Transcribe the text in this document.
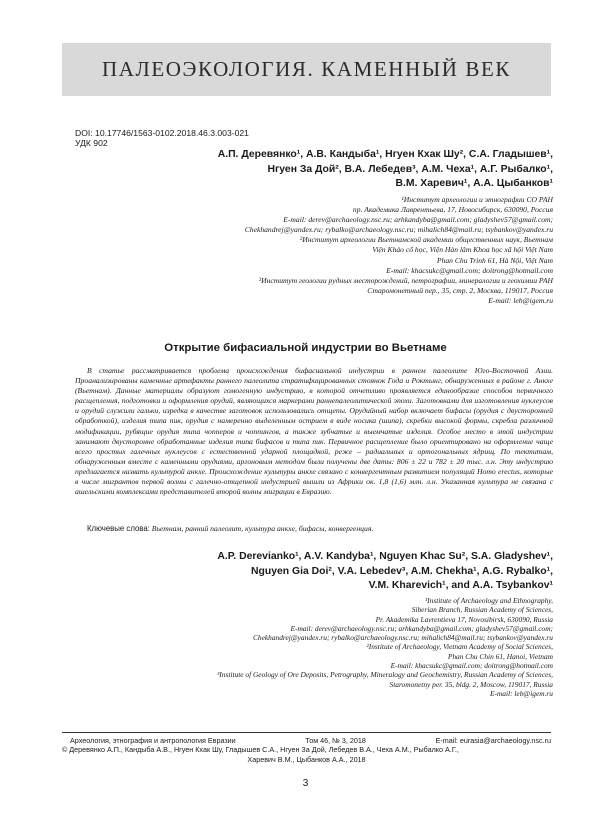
ПАЛЕОЭКОЛОГИЯ. КАМЕННЫЙ ВЕК
DOI: 10.17746/1563-0102.2018.46.3.003-021
УДК 902
А.П. Деревянко¹, А.В. Кандыба¹, Нгуен Кхак Шу², С.А. Гладышев¹,
Нгуен За Дой², В.А. Лебедев³, А.М. Чеха¹, А.Г. Рыбалко¹,
В.М. Харевич¹, А.А. Цыбанков¹
¹Институт археологии и этнографии СО РАН
пр. Академика Лаврентьева, 17, Новосибирск, 630090, Россия
E-mail: derev@archaeology.nsc.ru; arhkandyba@gmail.com; gladyshev57@gmail.com;
Chekhandrej@yandex.ru; rybalko@archaeology.nsc.ru; mihalich84@mail.ru; tsybankov@yandex.ru
²Институт археологии Вьетнамской академии общественных наук, Вьетнам
Viện Khảo cổ học, Viện Hàn lâm Khoa học xã hội Việt Nam
Phan Chu Trinh 61, Hà Nội, Việt Nam
E-mail: khacsukc@gmail.com; doitrong@hotmail.com
³Институт геологии рудных месторождений, петрографии, минералогии и геохимии РАН
Старомонетный пер., 35, стр. 2, Москва, 119017, Россия
E-mail: leb@igem.ru
Открытие бифасиальной индустрии во Вьетнаме

В статье рассматривается проблема происхождения бифасиальной индустрии в раннем палеолите Юго-Восточной Азии. Проанализированы каменные артефакты раннего палеолита стратифицированных стоянок Года и Роктынг, обнаруженных в районе г. Анкхе (Вьетнам). Данные материалы образуют гомогенную индустрию, в которой отчетливо проявляется единообразие способов первичного расщепления, подготовки и оформления орудий, являющихся маркерами раннепалеолитической эпохи. Заготовками для изготовления нуклеусов и орудий служили гальки, изредка в качестве заготовок использовались отщепы. Орудийный набор включает бифасы (орудия с двусторонней обработкой), изделия типа пик, орудия с намеренно выделенным острием в виде носика (шипа), скребки высокой формы, скребла различной модификации, рубящие орудия типа чопперов и чоппингов, а также зубчатые и выемчатые изделия. Особое место в этой индустрии занимают двусторонне обработанные изделия типа бифасов и типа пик. Первичное расщепление было ориентировано на оформление чаще всего простых галечных нуклеусов с естественной ударной площадкой, реже – радиальных и ортогональных ядрищ. По тектитам, обнаруженным вместе с каменными орудиями, аргоновым методом были получены две даты: 806 ± 22 и 782 ± 20 тыс. л.н. Эту индустрию предлагается назвать культурой анкхе. Происхождение культуры анкхе связано с конвергентным развитием популяций Homo erectus, которые в числе мигрантов первой волны с галечно-отщепной индустрией вышли из Африки ок. 1,8 (1,6) млн. л.н. Указанная культура не связана с ашельскими комплексами представителей второй волны миграции в Евразию.

Ключевые слова: Вьетнам, ранний палеолит, культура анкхе, бифасы, конвергенция.
A.P. Derevianko¹, A.V. Kandyba¹, Nguyen Khac Su², S.A. Gladyshev¹,
Nguyen Gia Doi², V.A. Lebedev³, A.M. Chekha¹, A.G. Rybalko¹,
V.M. Kharevich¹, and A.A. Tsybankov¹
¹Institute of Archaeology and Ethnography,
Siberian Branch, Russian Academy of Sciences,
Pr. Akademika Lavrentieva 17, Novosibirsk, 630090, Russia
E-mail: derev@archaeology.nsc.ru; arhkandyba@gmail.com; gladyshev57@gmail.com;
Chekhandrej@yandex.ru; rybalko@archaeology.nsc.ru; mihalich84@mail.ru; tsybankov@yandex.ru
²Institute of Archaeology, Vietnam Academy of Social Sciences,
Phan Chu Chin 61, Hanoi, Vietnam
E-mail: khacsukc@gmail.com; doitrong@hotmail.com
³Institute of Geology of Ore Deposits, Petrography, Mineralogy and Geochemistry, Russian Academy of Sciences,
Staromonetny per. 35, bldg. 2, Moscow, 119017, Russia
E-mail: leb@igem.ru
Археология, этнография и антропология Евразии	Том 46, № 3, 2018	E-mail: eurasia@archaeology.nsc.ru
© Деревянко А.П., Кандыба А.В., Нгуен Кхак Шу, Гладышев С.А., Нгуен За Дой, Лебедев В.А., Чеха А.М., Рыбалко А.Г.,
Харевич В.М., Цыбанков А.А., 2018
3
